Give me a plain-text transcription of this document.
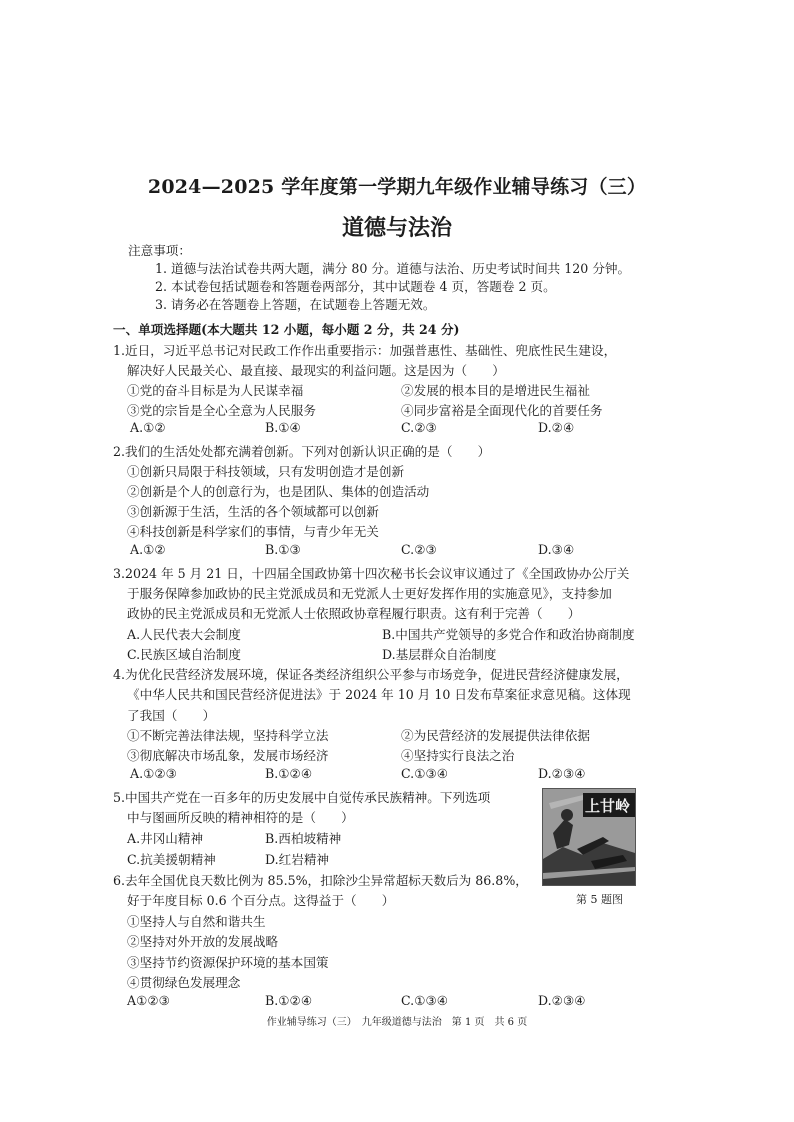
2024—2025 学年度第一学期九年级作业辅导练习（三）
道德与法治
注意事项：
1. 道德与法治试卷共两大题，满分 80 分。道德与法治、历史考试时间共 120 分钟。
2. 本试卷包括试题卷和答题卷两部分，其中试题卷 4 页，答题卷 2 页。
3. 请务必在答题卷上答题，在试题卷上答题无效。
一、单项选择题(本大题共 12 小题，每小题 2 分，共 24 分)
1.近日，习近平总书记对民政工作作出重要指示：加强普惠性、基础性、兜底性民生建设，
解决好人民最关心、最直接、最现实的利益问题。这是因为（　　）
①党的奋斗目标是为人民谋幸福	②发展的根本目的是增进民生福祉
③党的宗旨是全心全意为人民服务	④同步富裕是全面现代化的首要任务
A.①②	B.①④	C.②③	D.②④
2.我们的生活处处都充满着创新。下列对创新认识正确的是（　　）
①创新只局限于科技领域，只有发明创造才是创新
②创新是个人的创意行为，也是团队、集体的创造活动
③创新源于生活，生活的各个领域都可以创新
④科技创新是科学家们的事情，与青少年无关
A.①②	B.①③	C.②③	D.③④
3.2024 年 5 月 21 日，十四届全国政协第十四次秘书长会议审议通过了《全国政协办公厅关
于服务保障参加政协的民主党派成员和无党派人士更好发挥作用的实施意见》，支持参加
政协的民主党派成员和无党派人士依照政协章程履行职责。这有利于完善（　　）
A.人民代表大会制度	B.中国共产党领导的多党合作和政治协商制度
C.民族区域自治制度	D.基层群众自治制度
4.为优化民营经济发展环境，保证各类经济组织公平参与市场竞争，促进民营经济健康发展，
《中华人民共和国民营经济促进法》于 2024 年 10 月 10 日发布草案征求意见稿。这体现
了我国（　　）
①不断完善法律法规，坚持科学立法	②为民营经济的发展提供法律依据
③彻底解决市场乱象，发展市场经济	④坚持实行良法之治
A.①②③	B.①②④	C.①③④	D.②③④
5.中国共产党在一百多年的历史发展中自觉传承民族精神。下列选项
中与图画所反映的精神相符的是（　　）
A.井冈山精神	B.西柏坡精神
C.抗美援朝精神	D.红岩精神
上甘岭
第 5 题图
6.去年全国优良天数比例为 85.5%，扣除沙尘异常超标天数后为 86.8%，
好于年度目标 0.6 个百分点。这得益于（　　）
①坚持人与自然和谐共生
②坚持对外开放的发展战略
③坚持节约资源保护环境的基本国策
④贯彻绿色发展理念
A①②③	B.①②④	C.①③④	D.②③④
作业辅导练习（三）　九年级道德与法治　第 1 页　共 6 页
